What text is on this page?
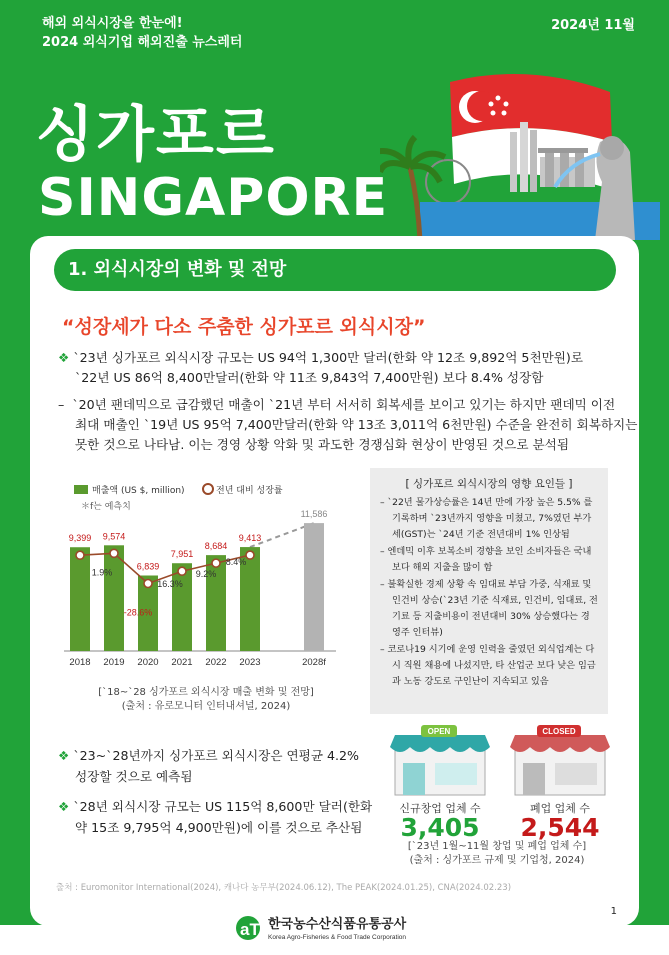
해외 외식시장을 한눈에!
2024 외식기업 해외진출 뉴스레터
2024년 11월
싱가포르
SINGAPORE
1. 외식시장의 변화 및 전망
“성장세가 다소 주춤한 싱가포르 외식시장”
❖ `23년 싱가포르 외식시장 규모는 US 94억 1,300만 달러(한화 약 12조 9,892억 5천만원)로
`22년 US 86억 8,400만달러(한화 약 11조 9,843억 7,400만원) 보다 8.4% 성장함
– `20년 팬데믹으로 급감했던 매출이 `21년 부터 서서히 회복세를 보이고 있기는 하지만 팬데믹 이전
최대 매출인 `19년 US 95억 7,400만달러(한화 약 13조 3,011억 6천만원) 수준을 완전히 회복하지는
못한 것으로 나타남. 이는 경영 상황 악화 및 과도한 경쟁심화 현상이 반영된 것으로 분석됨
매출액 (US $, million)	전년 대비 성장률
＊f는 예측치
9,399
2018
9,574
2019
6,839
2020
7,951
2021
8,684
2022
9,413
2023
11,586
2028f
1.9%
-28.6%
16.3%
9.2%
8.4%
[`18~`28 싱가포르 외식시장 매출 변화 및 전망]
(출처 : 유로모니터 인터내셔널, 2024)
[ 싱가포르 외식시장의 영향 요인들 ]
– `22년 물가상승률은 14년 만에 가장 높은 5.5% 를 기록하며 `23년까지 영향을 미쳤고, 7%였던 부가세(GST)는 `24년 기준 전년대비 1% 인상됨
– 엔데믹 이후 보복소비 경향을 보인 소비자들은 국내보다 해외 지출을 많이 함
– 불확실한 경제 상황 속 임대료 부담 가중, 식재료 및 인건비 상승(`23년 기준 식재료, 인건비, 임대료, 전기료 등 지출비용이 전년대비 30% 상승했다는 경영주 인터뷰)
– 코로나19 시기에 운영 인력을 줄였던 외식업계는 다시 직원 채용에 나섰지만, 타 산업군 보다 낮은 임금과 노동 강도로 구인난이 지속되고 있음
❖ `23~`28년까지 싱가포르 외식시장은 연평균 4.2%
성장할 것으로 예측됨
❖ `28년 외식시장 규모는 US 115억 8,600만 달러(한화
약 15조 9,795억 4,900만원)에 이를 것으로 추산됨
OPEN	CLOSED
신규창업 업체 수
3,405
폐업 업체 수
2,544
[`23년 1월~11월 창업 및 폐업 업체 수]
(출처 : 싱가포르 규제 및 기업청, 2024)
출처 : Euromonitor International(2024), 캐나다 농무부(2024.06.12), The PEAK(2024.01.25), CNA(2024.02.23)
1
aT 한국농수산식품유통공사
Korea Agro-Fisheries & Food Trade Corporation
